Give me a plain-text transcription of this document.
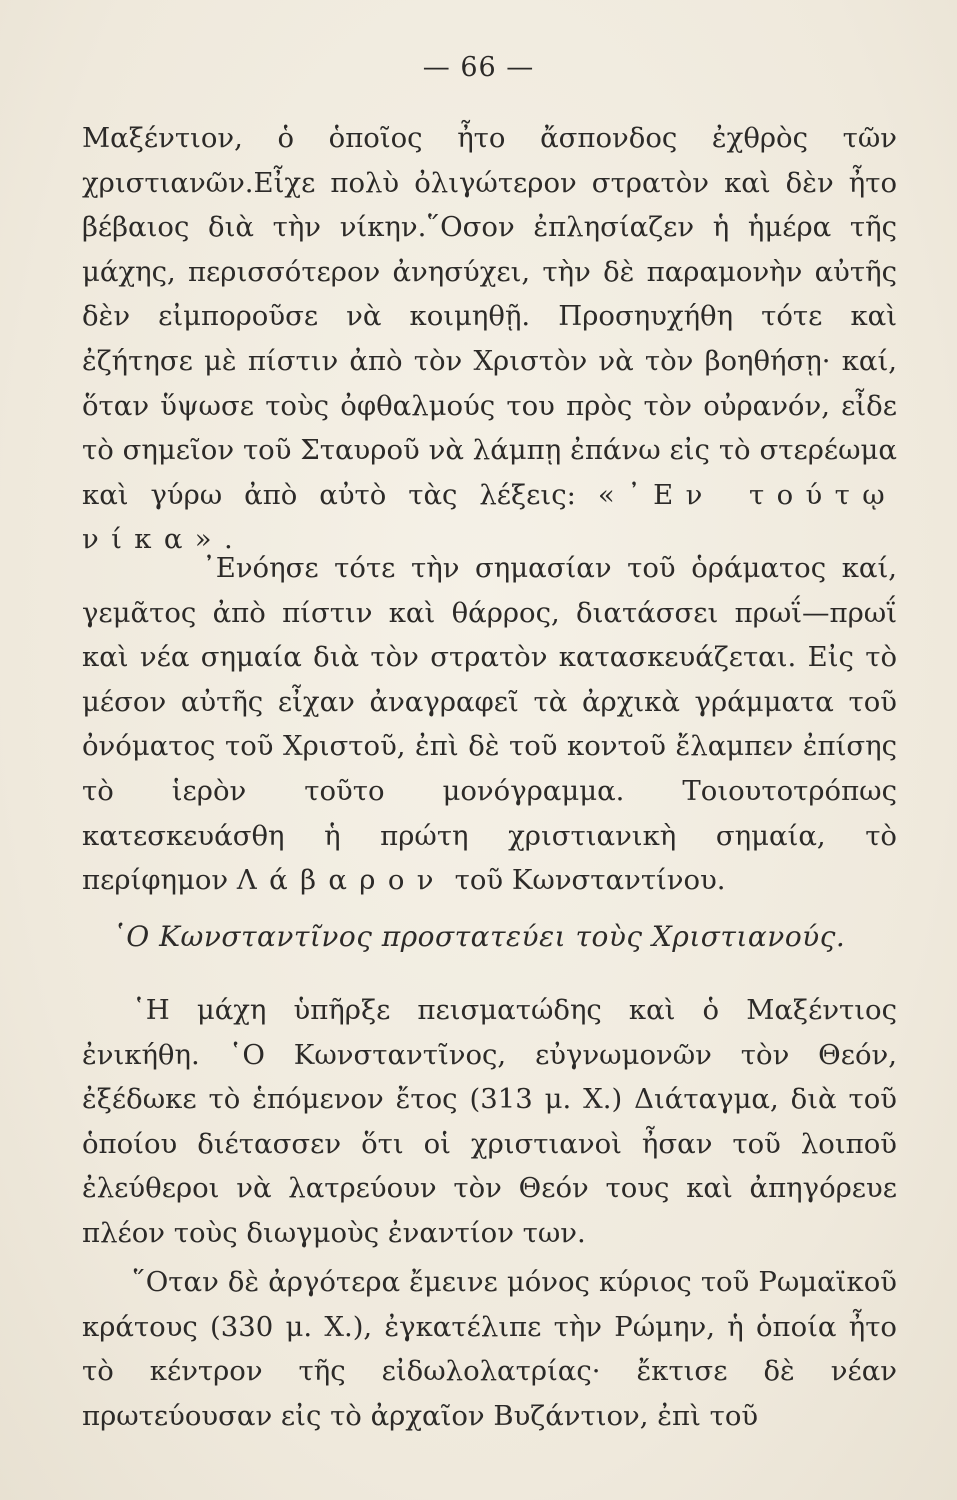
— 66 —

Μαξέντιον, ὁ ὁποῖος ἦτο ἄσπονδος ἐχθρὸς τῶν χριστιανῶν.Εἶχε πολὺ ὀλιγώτερον στρατὸν καὶ δὲν ἦτο βέβαιος διὰ τὴν νίκην.῞Οσον ἐπλησίαζεν ἡ ἡμέρα τῆς μάχης, περισσότερον ἀνησύχει, τὴν δὲ παραμονὴν αὐτῆς δὲν εἰμποροῦσε νὰ κοιμηθῇ. Προσηυχήθη τότε καὶ ἐζήτησε μὲ πίστιν ἀπὸ τὸν Χριστὸν νὰ τὸν βοηθήσῃ· καί, ὅταν ὕψωσε τοὺς ὀφθαλμούς του πρὸς τὸν οὐρανόν, εἶδε τὸ σημεῖον τοῦ Σταυροῦ νὰ λάμπῃ ἐπάνω εἰς τὸ στερέωμα καὶ γύρω ἀπὸ αὐτὸ τὰς λέξεις: «᾿Εν τούτῳ νίκα».

᾿Ενόησε τότε τὴν σημασίαν τοῦ ὁράματος καί, γεμᾶτος ἀπὸ πίστιν καὶ θάρρος, διατάσσει πρωΐ—πρωΐ καὶ νέα σημαία διὰ τὸν στρατὸν κατασκευάζεται. Εἰς τὸ μέσον αὐτῆς εἶχαν ἀναγραφεῖ τὰ ἀρχικὰ γράμματα τοῦ ὀνόματος τοῦ Χριστοῦ, ἐπὶ δὲ τοῦ κοντοῦ ἔλαμπεν ἐπίσης τὸ ἱερὸν τοῦτο μονόγραμμα. Τοιουτοτρόπως κατεσκευάσθη ἡ πρώτη χριστιανικὴ σημαία, τὸ περίφημον Λάβαρον τοῦ Κωνσταντίνου.

῾Ο Κωνσταντῖνος προστατεύει τοὺς Χριστιανούς.

῾Η μάχη ὑπῆρξε πεισματώδης καὶ ὁ Μαξέντιος ἐνικήθη. ῾Ο Κωνσταντῖνος, εὐγνωμονῶν τὸν Θεόν, ἐξέδωκε τὸ ἑπόμενον ἔτος (313 μ. Χ.) Διάταγμα, διὰ τοῦ ὁποίου διέτασσεν ὅτι οἱ χριστιανοὶ ἦσαν τοῦ λοιποῦ ἐλεύθεροι νὰ λατρεύουν τὸν Θεόν τους καὶ ἀπηγόρευε πλέον τοὺς διωγμοὺς ἐναντίον των.

῞Οταν δὲ ἀργότερα ἔμεινε μόνος κύριος τοῦ Ρωμαϊκοῦ κράτους (330 μ. Χ.), ἐγκατέλιπε τὴν Ρώμην, ἡ ὁποία ἦτο τὸ κέντρον τῆς εἰδωλολατρίας· ἔκτισε δὲ νέαν πρωτεύουσαν εἰς τὸ ἀρχαῖον Βυζάντιον, ἐπὶ τοῦ
